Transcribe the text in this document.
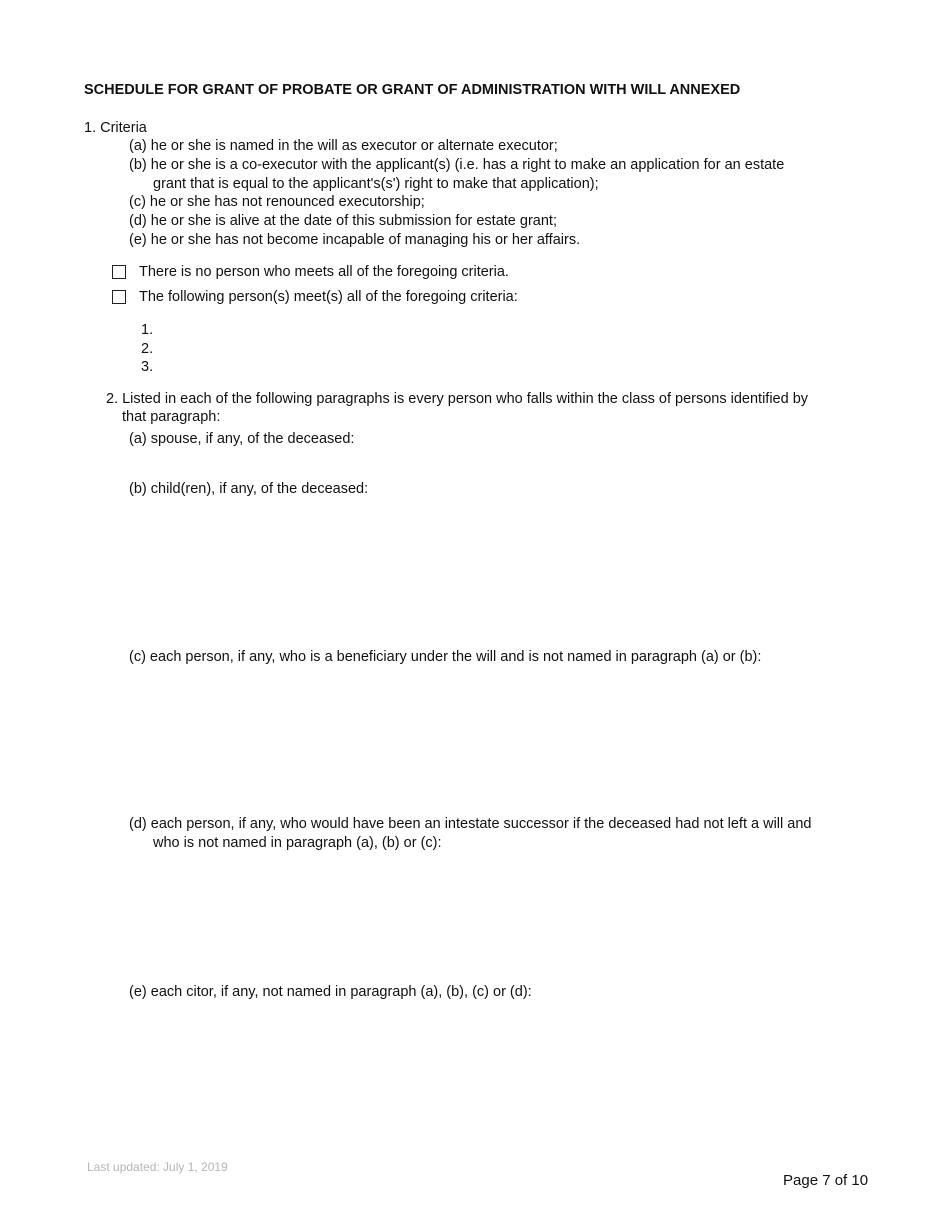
SCHEDULE FOR GRANT OF PROBATE OR GRANT OF ADMINISTRATION WITH WILL ANNEXED
1. Criteria
(a) he or she is named in the will as executor or alternate executor;
(b) he or she is a co-executor with the applicant(s) (i.e. has a right to make an application for an estate
grant that is equal to the applicant's(s') right to make that application);
(c) he or she has not renounced executorship;
(d) he or she is alive at the date of this submission for estate grant;
(e) he or she has not become incapable of managing his or her affairs.
There is no person who meets all of the foregoing criteria.
The following person(s) meet(s) all of the foregoing criteria:
1.
2.
3.
2. Listed in each of the following paragraphs is every person who falls within the class of persons identified by
that paragraph:
(a) spouse, if any, of the deceased:
(b) child(ren), if any, of the deceased:
(c) each person, if any, who is a beneficiary under the will and is not named in paragraph (a) or (b):
(d) each person, if any, who would have been an intestate successor if the deceased had not left a will and
who is not named in paragraph (a), (b) or (c):
(e) each citor, if any, not named in paragraph (a), (b), (c) or (d):
Last updated: July 1, 2019
Page 7 of 10
